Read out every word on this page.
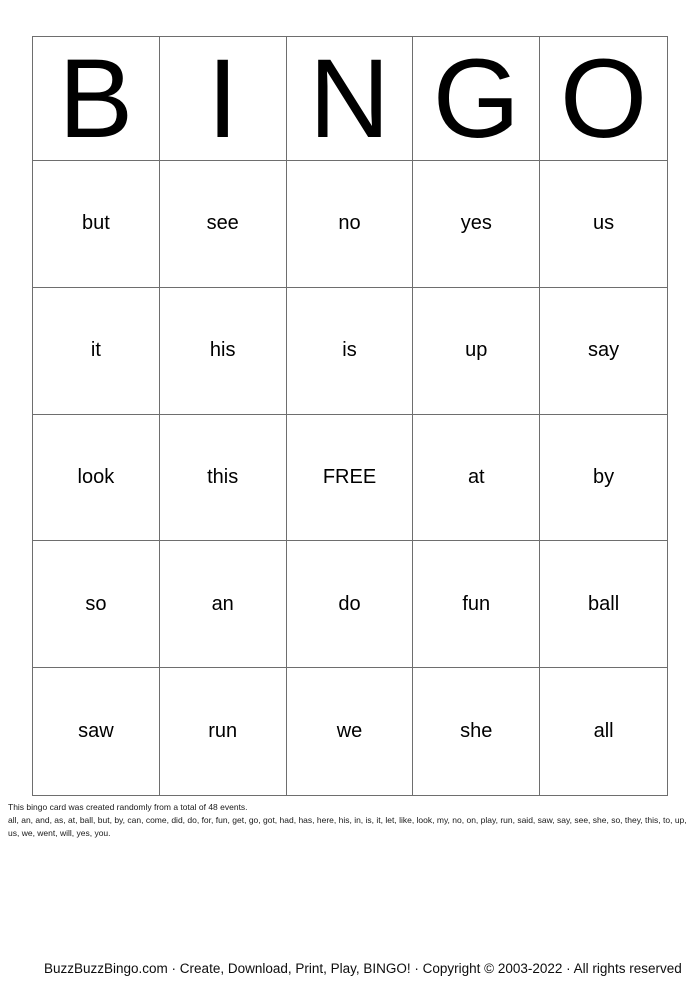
B I N G O
but	see	no	yes	us
it	his	is	up	say
look	this	FREE	at	by
so	an	do	fun	ball
saw	run	we	she	all
This bingo card was created randomly from a total of 48 events.
all, an, and, as, at, ball, but, by, can, come, did, do, for, fun, get, go, got, had, has, here, his, in, is, it, let, like, look, my, no, on, play, run, said, saw, say, see, she, so, they, this, to, up, us, we, went, will, yes, you.
BuzzBuzzBingo.com · Create, Download, Print, Play, BINGO! · Copyright © 2003-2022 · All rights reserved
